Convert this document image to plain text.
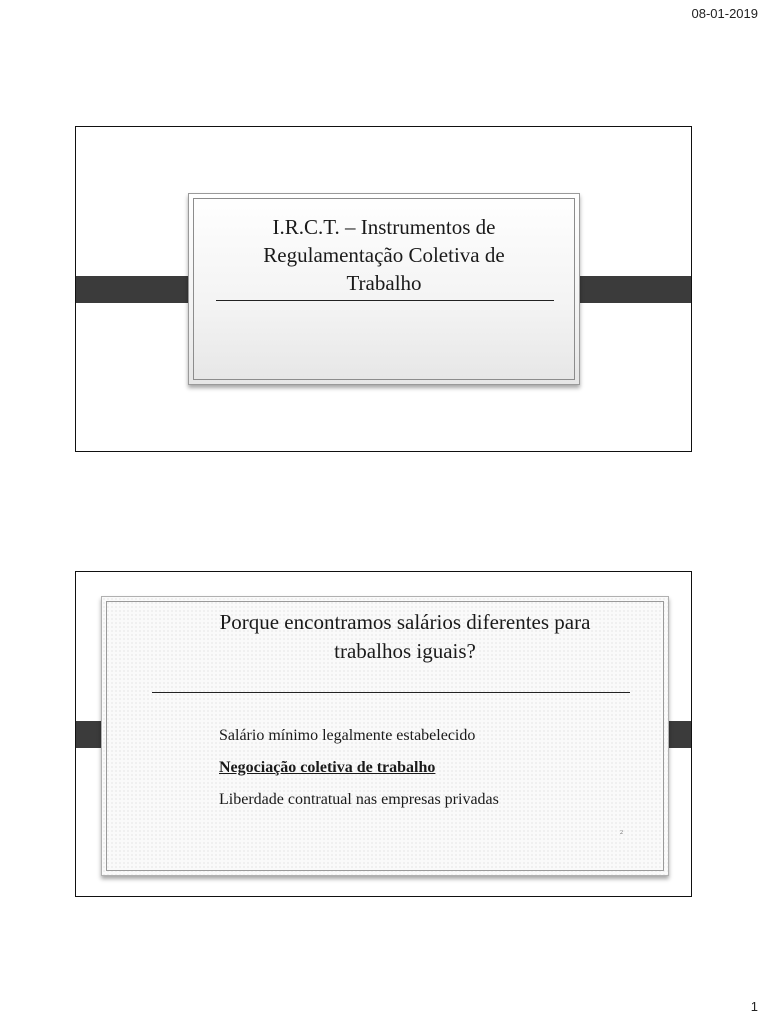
08-01-2019
I.R.C.T. – Instrumentos de
Regulamentação Coletiva de
Trabalho
Porque encontramos salários diferentes para
trabalhos iguais?
Salário mínimo legalmente estabelecido
Negociação coletiva de trabalho
Liberdade contratual nas empresas privadas
2
1
